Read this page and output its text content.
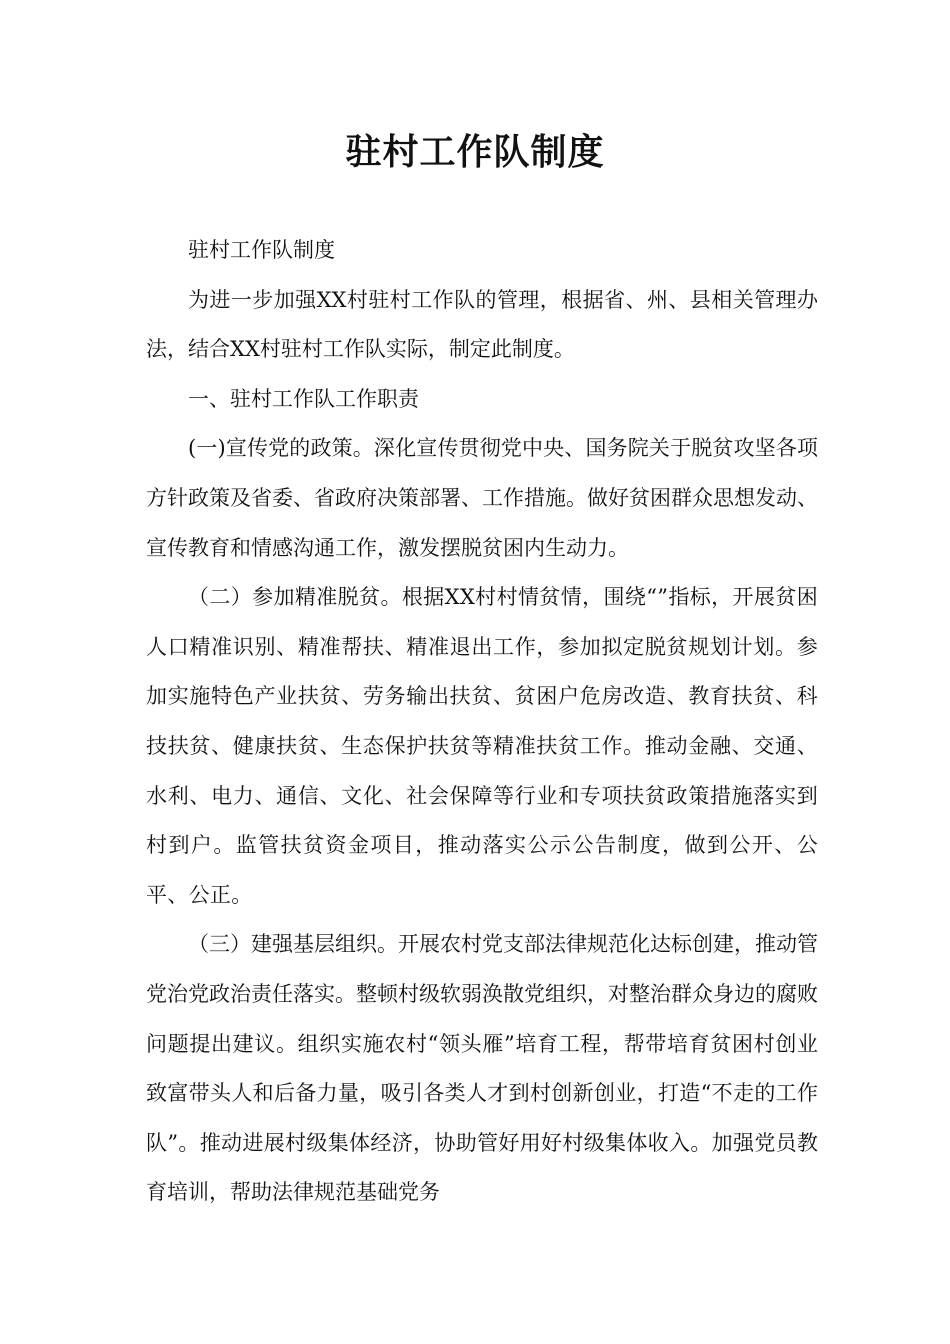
驻村工作队制度

驻村工作队制度

为进一步加强XX村驻村工作队的管理，根据省、州、县相关管理办法，结合XX村驻村工作队实际，制定此制度。

一、驻村工作队工作职责

(一)宣传党的政策。深化宣传贯彻党中央、国务院关于脱贫攻坚各项方针政策及省委、省政府决策部署、工作措施。做好贫困群众思想发动、宣传教育和情感沟通工作，激发摆脱贫困内生动力。

（二）参加精准脱贫。根据XX村村情贫情，围绕“”指标，开展贫困人口精准识别、精准帮扶、精准退出工作，参加拟定脱贫规划计划。参加实施特色产业扶贫、劳务输出扶贫、贫困户危房改造、教育扶贫、科技扶贫、健康扶贫、生态保护扶贫等精准扶贫工作。推动金融、交通、水利、电力、通信、文化、社会保障等行业和专项扶贫政策措施落实到村到户。监管扶贫资金项目，推动落实公示公告制度，做到公开、公平、公正。

（三）建强基层组织。开展农村党支部法律规范化达标创建，推动管党治党政治责任落实。整顿村级软弱涣散党组织，对整治群众身边的腐败问题提出建议。组织实施农村“领头雁”培育工程，帮带培育贫困村创业致富带头人和后备力量，吸引各类人才到村创新创业，打造“不走的工作队”。推动进展村级集体经济，协助管好用好村级集体收入。加强党员教育培训，帮助法律规范基础党务
